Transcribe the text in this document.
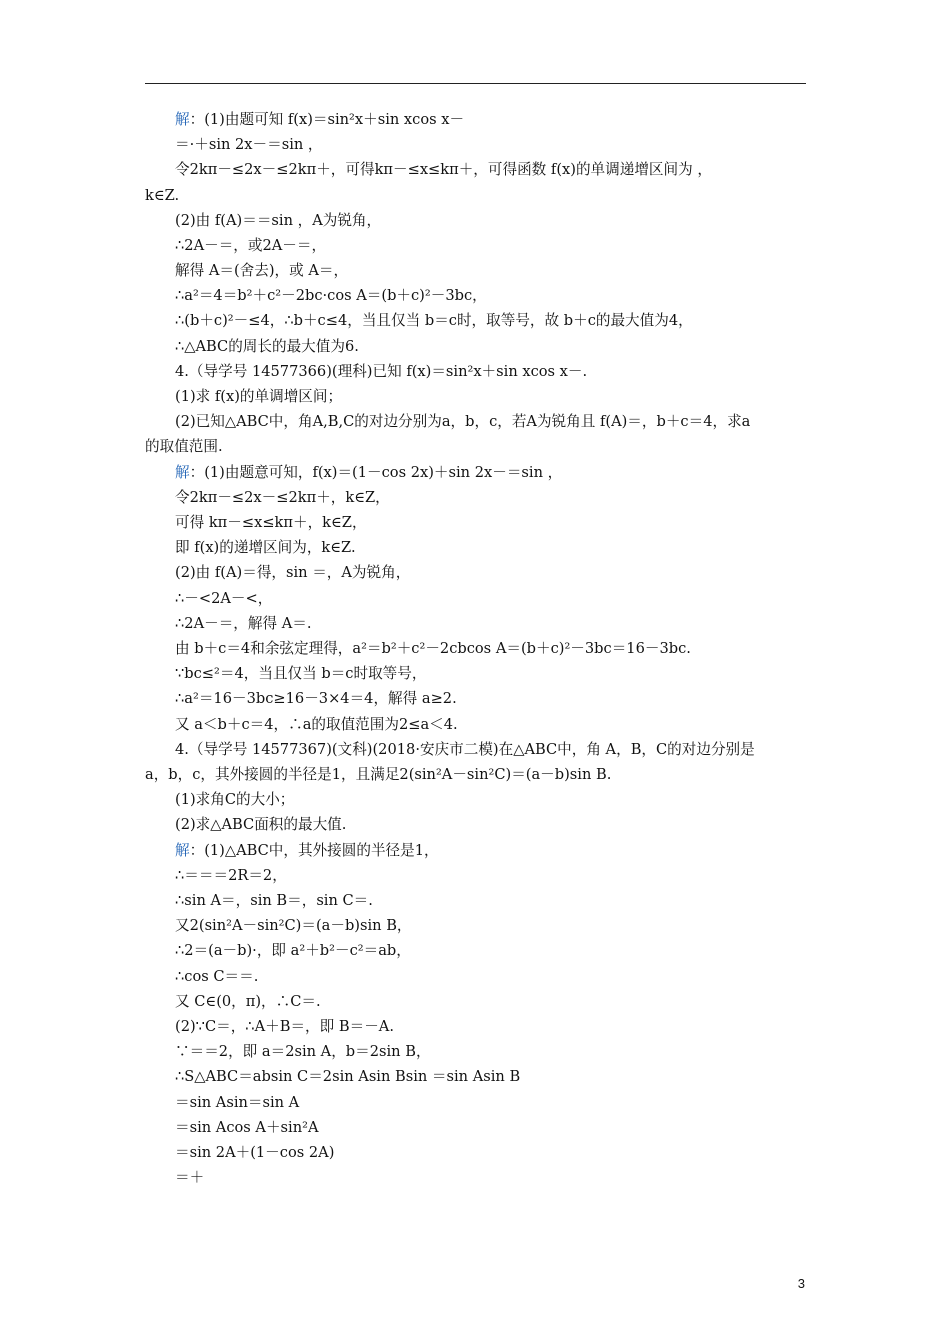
解：(1)由题可知 f(x)＝sin²x＋sin xcos x－
＝·＋sin 2x－＝sin ，
令2kπ－≤2x－≤2kπ＋，可得kπ－≤x≤kπ＋，可得函数 f(x)的单调递增区间为 ，
k∈Z.
(2)由 f(A)＝＝sin ，A为锐角，
∴2A－＝，或2A－＝，
解得 A＝(舍去)，或 A＝，
∴a²＝4＝b²＋c²－2bc·cos A＝(b＋c)²－3bc，
∴(b＋c)²－≤4，∴b＋c≤4，当且仅当 b＝c时，取等号，故 b＋c的最大值为4，
∴△ABC的周长的最大值为6.
4.（导学号 14577366)(理科)已知 f(x)＝sin²x＋sin xcos x－.
(1)求 f(x)的单调增区间；
(2)已知△ABC中，角A,B,C的对边分别为a，b，c，若A为锐角且 f(A)＝，b＋c＝4，求a
的取值范围.
解：(1)由题意可知，f(x)＝(1－cos 2x)＋sin 2x－＝sin ，
令2kπ－≤2x－≤2kπ＋，k∈Z，
可得 kπ－≤x≤kπ＋，k∈Z，
即 f(x)的递增区间为，k∈Z.
(2)由 f(A)＝得，sin ＝，A为锐角，
∴－<2A－<，
∴2A－＝，解得 A＝.
由 b＋c＝4和余弦定理得，a²＝b²＋c²－2cbcos A＝(b＋c)²－3bc＝16－3bc.
∵bc≤²＝4，当且仅当 b＝c时取等号，
∴a²＝16－3bc≥16－3×4＝4，解得 a≥2.
又 a＜b＋c＝4，∴a的取值范围为2≤a＜4.
4.（导学号 14577367)(文科)(2018·安庆市二模)在△ABC中，角 A，B，C的对边分别是
a，b，c，其外接圆的半径是1，且满足2(sin²A－sin²C)＝(a－b)sin B.
(1)求角C的大小；
(2)求△ABC面积的最大值.
解：(1)△ABC中，其外接圆的半径是1，
∴＝＝＝2R＝2，
∴sin A＝，sin B＝，sin C＝.
又2(sin²A－sin²C)＝(a－b)sin B，
∴2＝(a－b)·，即 a²＋b²－c²＝ab，
∴cos C＝＝.
又 C∈(0，π)，∴C＝.
(2)∵C＝，∴A＋B＝，即 B＝－A.
∵＝＝2，即 a＝2sin A，b＝2sin B，
∴S△ABC＝absin C＝2sin Asin Bsin ＝sin Asin B
＝sin Asin＝sin A
＝sin Acos A＋sin²A
＝sin 2A＋(1－cos 2A)
＝＋
3
